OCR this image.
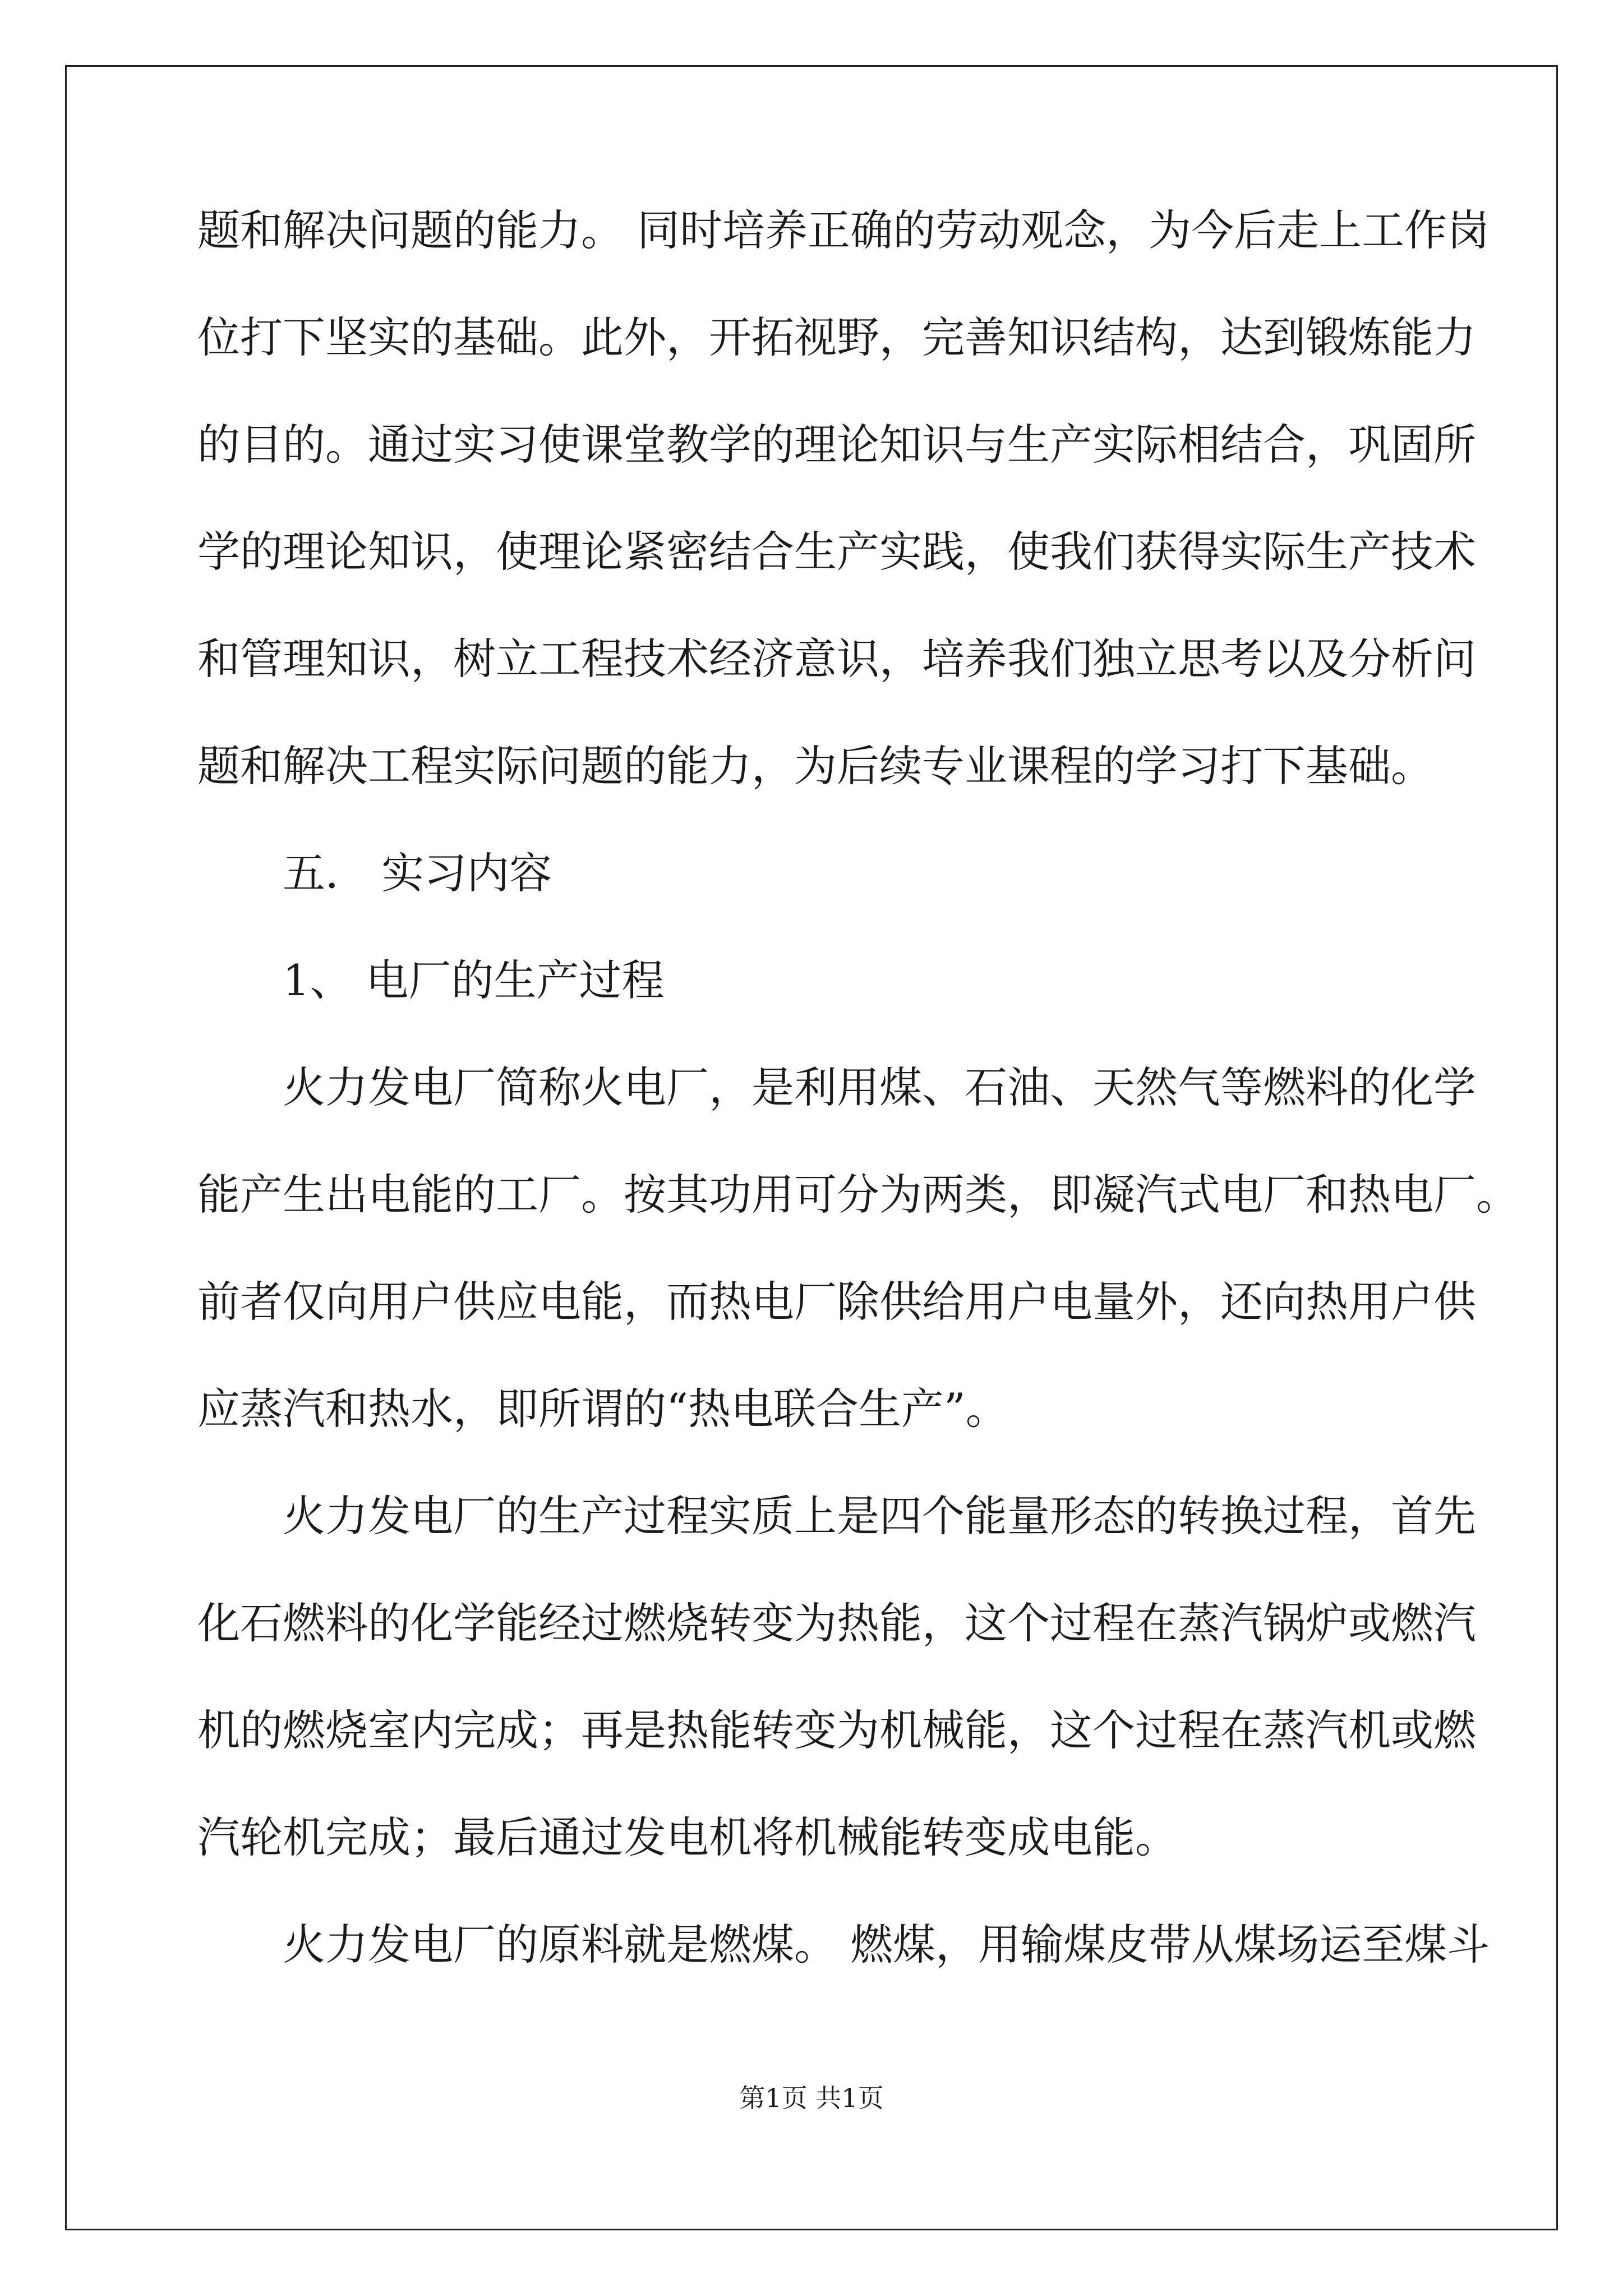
题和解决问题的能力。 同时培养正确的劳动观念，为今后走上工作岗
位打下坚实的基础。此外，开拓视野，完善知识结构，达到锻炼能力
的目的。通过实习使课堂教学的理论知识与生产实际相结合，巩固所
学的理论知识，使理论紧密结合生产实践，使我们获得实际生产技术
和管理知识，树立工程技术经济意识，培养我们独立思考以及分析问
题和解决工程实际问题的能力，为后续专业课程的学习打下基础。
五． 实习内容
1、 电厂的生产过程
火力发电厂简称火电厂，是利用煤、石油、天然气等燃料的化学
能产生出电能的工厂。按其功用可分为两类，即凝汽式电厂和热电厂。
前者仅向用户供应电能，而热电厂除供给用户电量外，还向热用户供
应蒸汽和热水，即所谓的“热电联合生产”。
火力发电厂的生产过程实质上是四个能量形态的转换过程，首先
化石燃料的化学能经过燃烧转变为热能，这个过程在蒸汽锅炉或燃汽
机的燃烧室内完成；再是热能转变为机械能，这个过程在蒸汽机或燃
汽轮机完成；最后通过发电机将机械能转变成电能。
火力发电厂的原料就是燃煤。 燃煤，用输煤皮带从煤场运至煤斗
第1页 共1页
